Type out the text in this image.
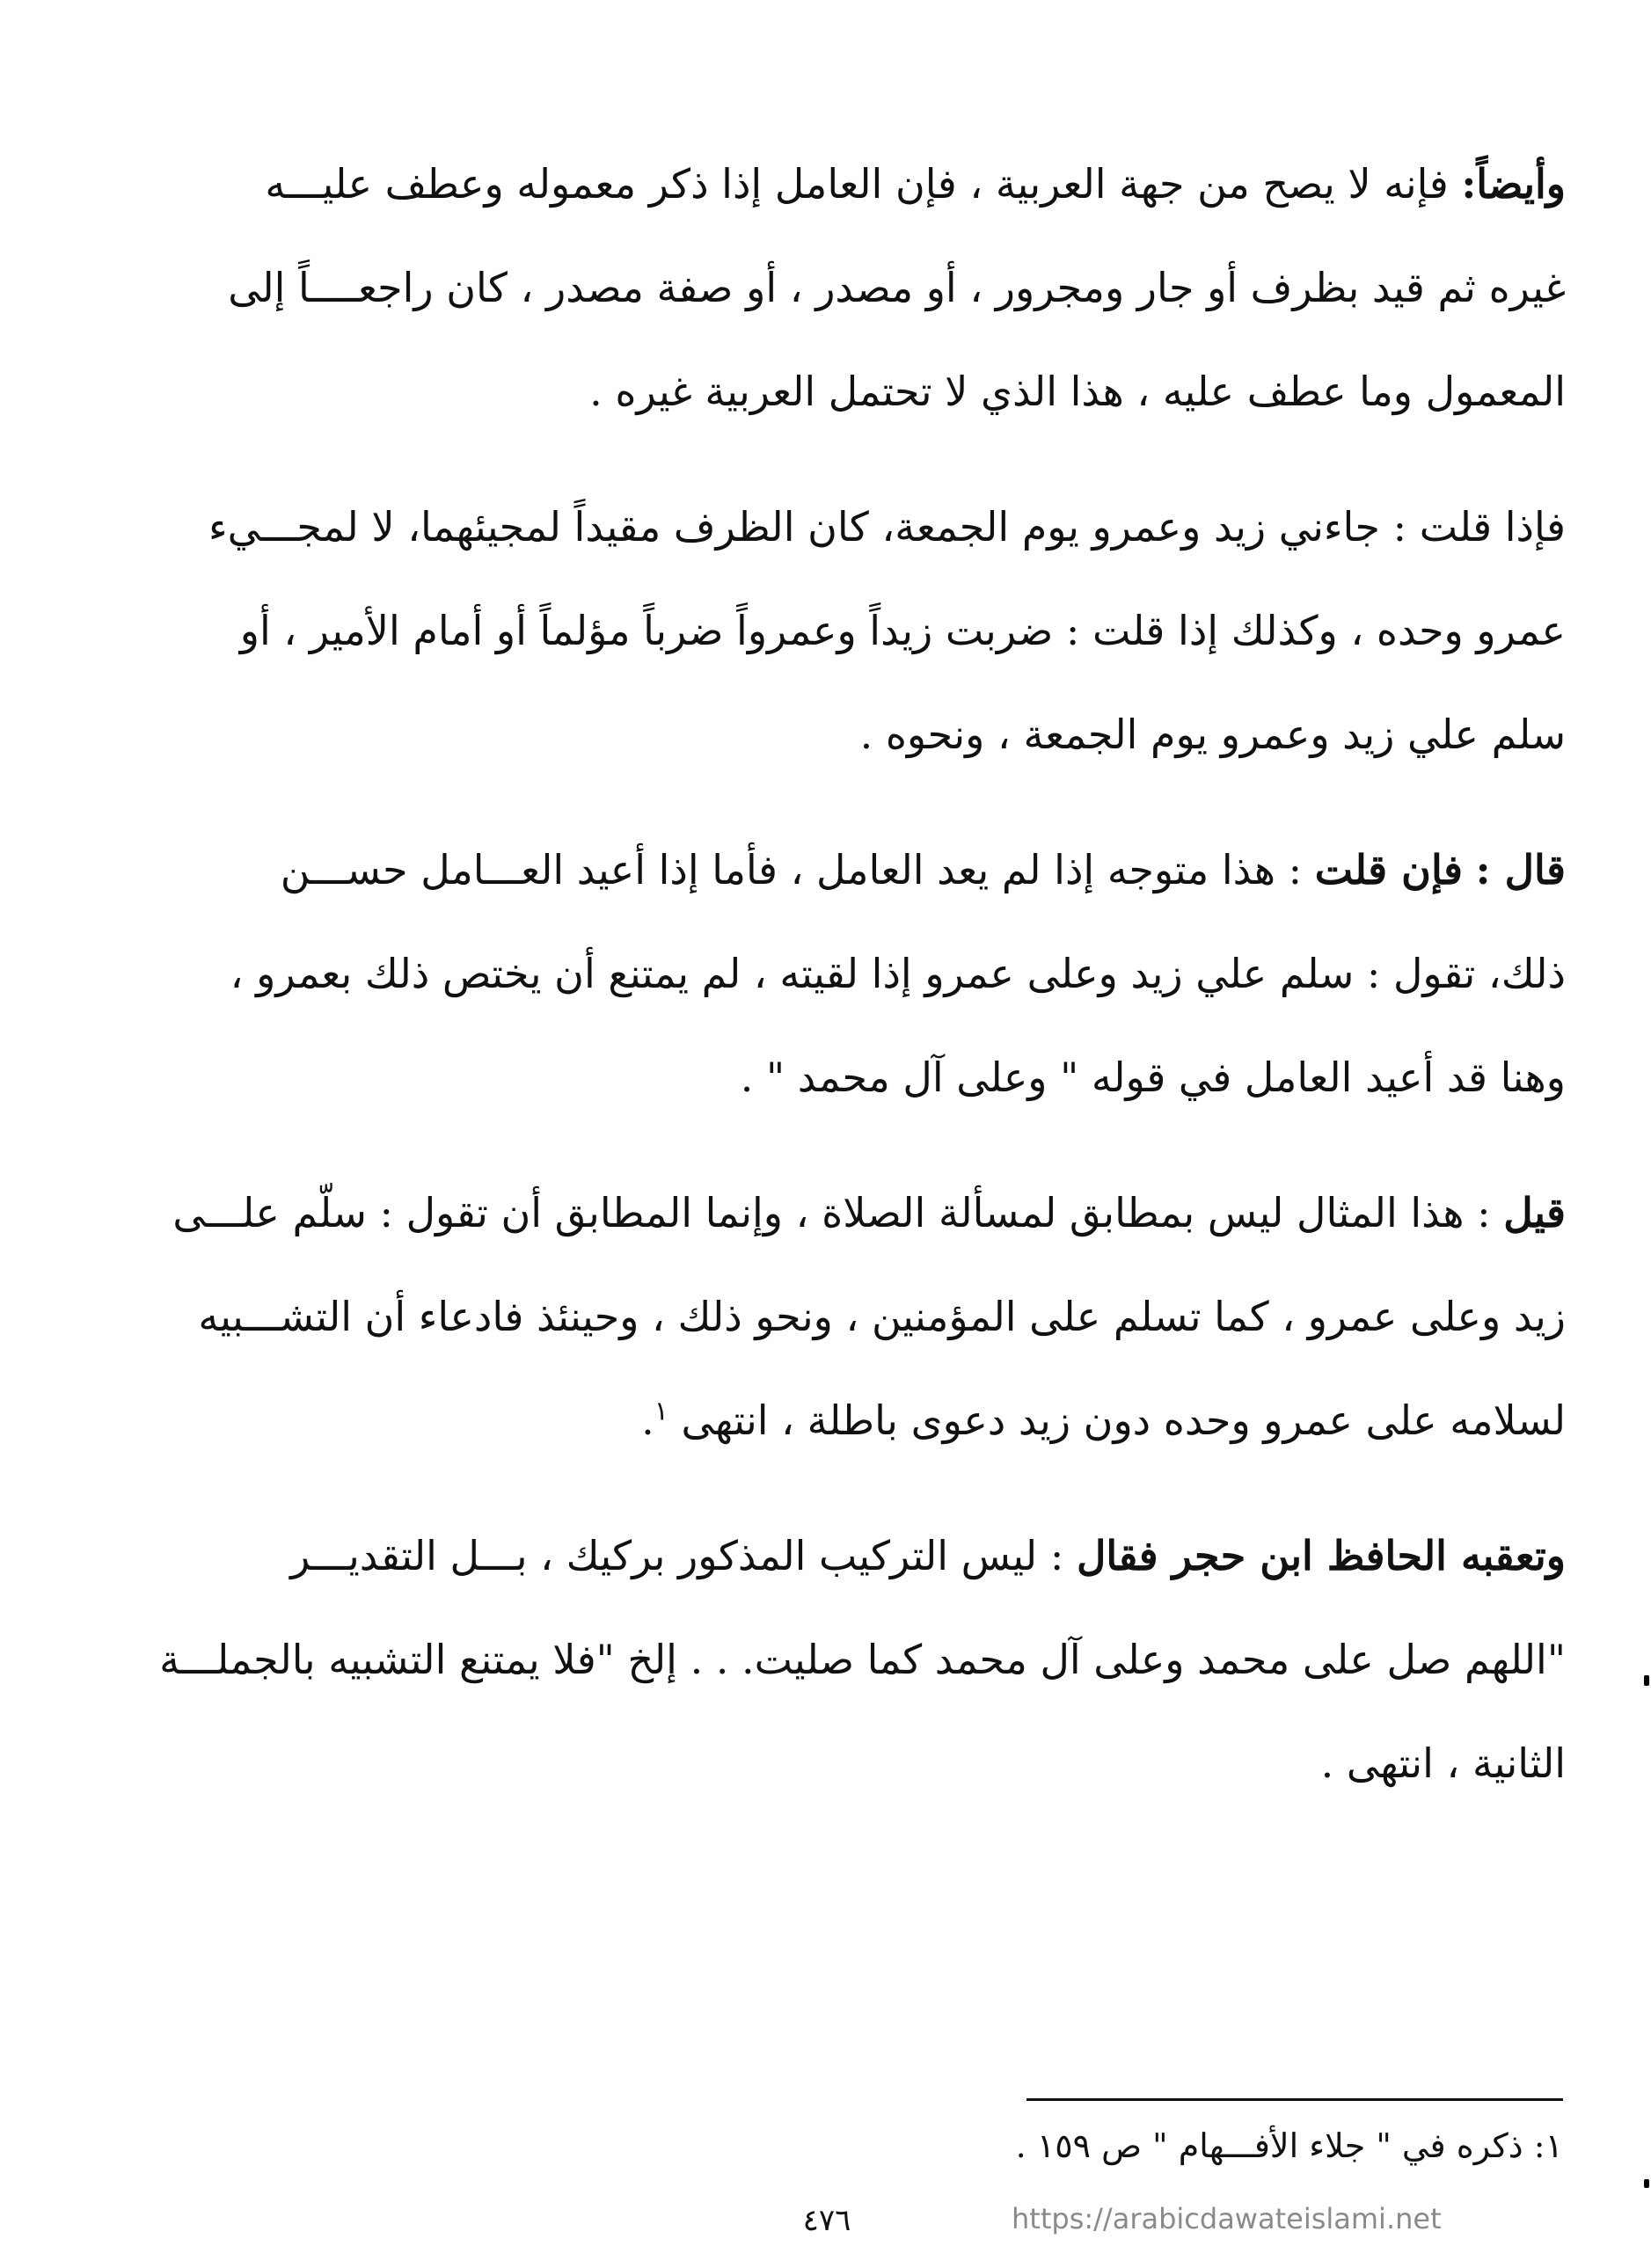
وأيضاً: فإنه لا يصح من جهة العربية ، فإن العامل إذا ذكر معموله وعطف عليـــه
غيره ثم قيد بظرف أو جار ومجرور ، أو مصدر ، أو صفة مصدر ، كان راجعــــاً إلى
المعمول وما عطف عليه ، هذا الذي لا تحتمل العربية غيره .
فإذا قلت : جاءني زيد وعمرو يوم الجمعة، كان الظرف مقيداً لمجيئهما، لا لمجـــيء
عمرو وحده ، وكذلك إذا قلت : ضربت زيداً وعمرواً ضرباً مؤلماً أو أمام الأمير ، أو
سلم علي زيد وعمرو يوم الجمعة ، ونحوه .
قال : فإن قلت : هذا متوجه إذا لم يعد العامل ، فأما إذا أعيد العـــامل حســـن
ذلك، تقول : سلم علي زيد وعلى عمرو إذا لقيته ، لم يمتنع أن يختص ذلك بعمرو ،
وهنا قد أعيد العامل في قوله " وعلى آل محمد " .
قيل : هذا المثال ليس بمطابق لمسألة الصلاة ، وإنما المطابق أن تقول : سلّم علـــى
زيد وعلى عمرو ، كما تسلم على المؤمنين ، ونحو ذلك ، وحينئذ فادعاء أن التشـــبيه
لسلامه على عمرو وحده دون زيد دعوى باطلة ، انتهى $^١$.
وتعقبه الحافظ ابن حجر فقال : ليس التركيب المذكور بركيك ، بـــل التقديـــر
"اللهم صل على محمد وعلى آل محمد كما صليت. . . إلخ "فلا يمتنع التشبيه بالجملـــة
الثانية ، انتهى .
١: ذكره في " جلاء الأفـــهام " ص ١٥٩ .
٤٧٦	https://arabicdawateislami.net
